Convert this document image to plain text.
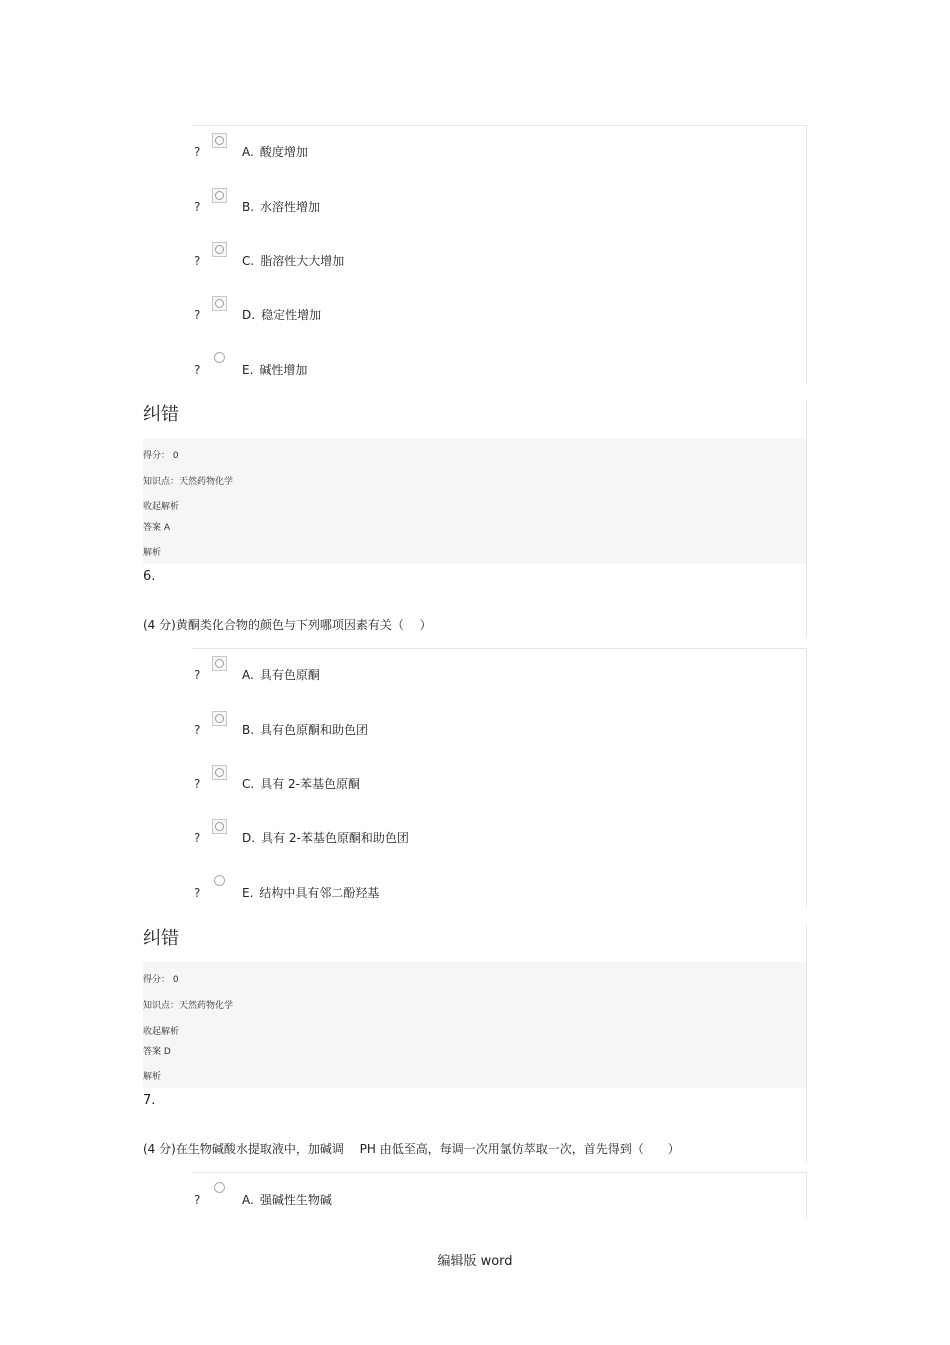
?	A. 酸度增加
?	B. 水溶性增加
?	C. 脂溶性大大增加
?	D. 稳定性增加
?	E. 碱性增加
纠错
得分： 0
知识点：天然药物化学
收起解析
答案 A
解析
6.
(4 分)黄酮类化合物的颜色与下列哪项因素有关（　 ）
?	A. 具有色原酮
?	B. 具有色原酮和助色团
?	C. 具有 2-苯基色原酮
?	D. 具有 2-苯基色原酮和助色团
?	E. 结构中具有邻二酚羟基
纠错
得分： 0
知识点：天然药物化学
收起解析
答案 D
解析
7.
(4 分)在生物碱酸水提取液中，加碱调　 PH 由低至高，每调一次用氯仿萃取一次，首先得到（　　）
?	A. 强碱性生物碱
编辑版 word
